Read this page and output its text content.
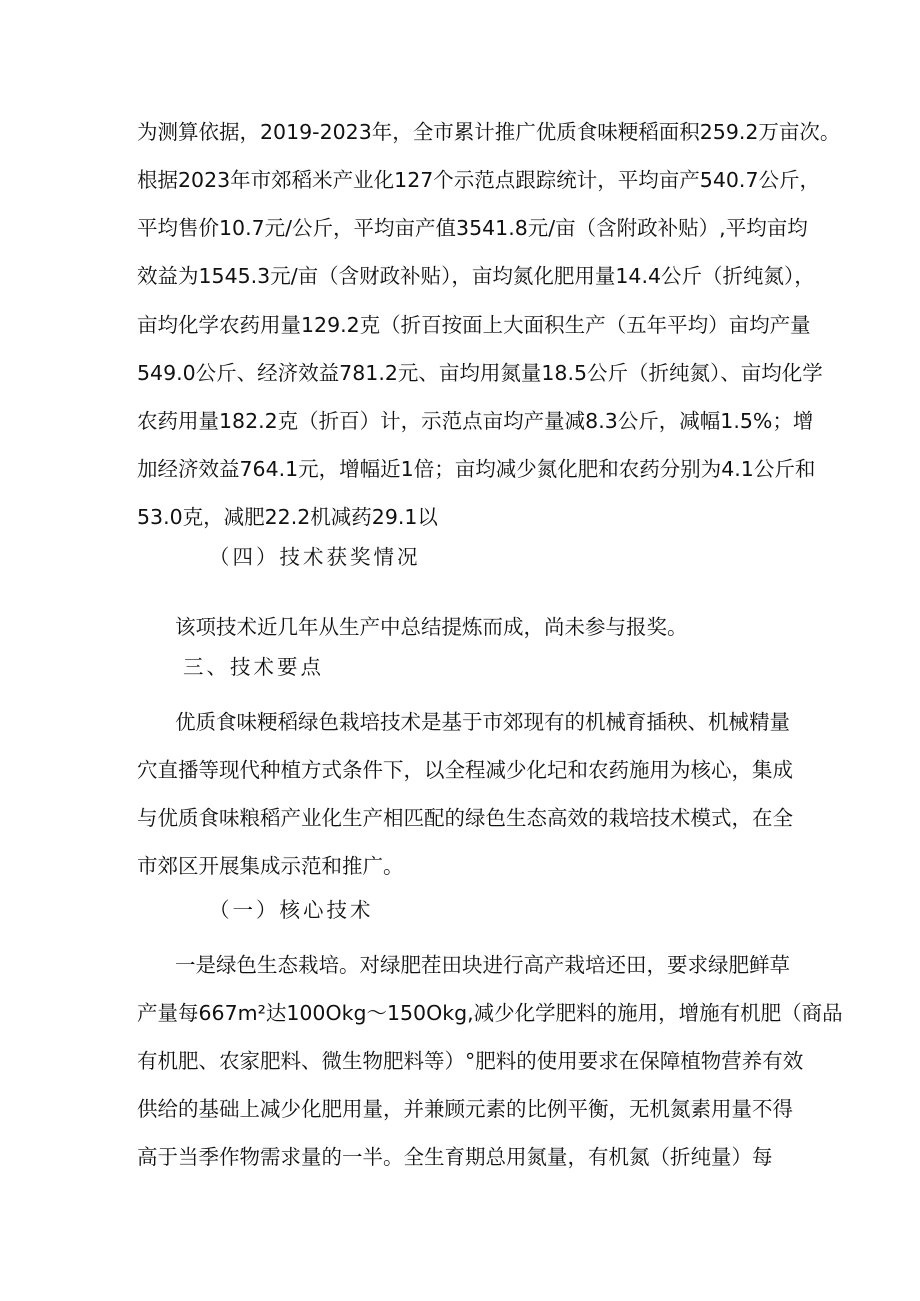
为测算依据，2019-2023年，全市累计推广优质食味粳稻面积259.2万亩次。
根据2023年市郊稻米产业化127个示范点跟踪统计，平均亩产540.7公斤，
平均售价10.7元/公斤，平均亩产值3541.8元/亩（含附政补贴）,平均亩均
效益为1545.3元/亩（含财政补贴），亩均氮化肥用量14.4公斤（折纯氮），
亩均化学农药用量129.2克（折百按面上大面积生产（五年平均）亩均产量
549.0公斤、经济效益781.2元、亩均用氮量18.5公斤（折纯氮）、亩均化学
农药用量182.2克（折百）计，示范点亩均产量减8.3公斤，减幅1.5%；增
加经济效益764.1元，增幅近1倍；亩均减少氮化肥和农药分别为4.1公斤和
53.0克，减肥22.2机减药29.1以
（四）技术获奖情况
该项技术近几年从生产中总结提炼而成，尚未参与报奖。
三、技术要点
优质食味粳稻绿色栽培技术是基于市郊现有的机械育插秧、机械精量
穴直播等现代种植方式条件下，以全程减少化圮和农药施用为核心，集成
与优质食味粮稻产业化生产相匹配的绿色生态高效的栽培技术模式，在全
市郊区开展集成示范和推广。
（一）核心技术
一是绿色生态栽培。对绿肥茬田块进行高产栽培还田，要求绿肥鲜草
产量每667m²达100Okg～150Okg,减少化学肥料的施用，增施有机肥（商品
有机肥、农家肥料、微生物肥料等）°肥料的使用要求在保障植物营养有效
供给的基础上减少化肥用量，并兼顾元素的比例平衡，无机氮素用量不得
高于当季作物需求量的一半。全生育期总用氮量，有机氮（折纯量）每
